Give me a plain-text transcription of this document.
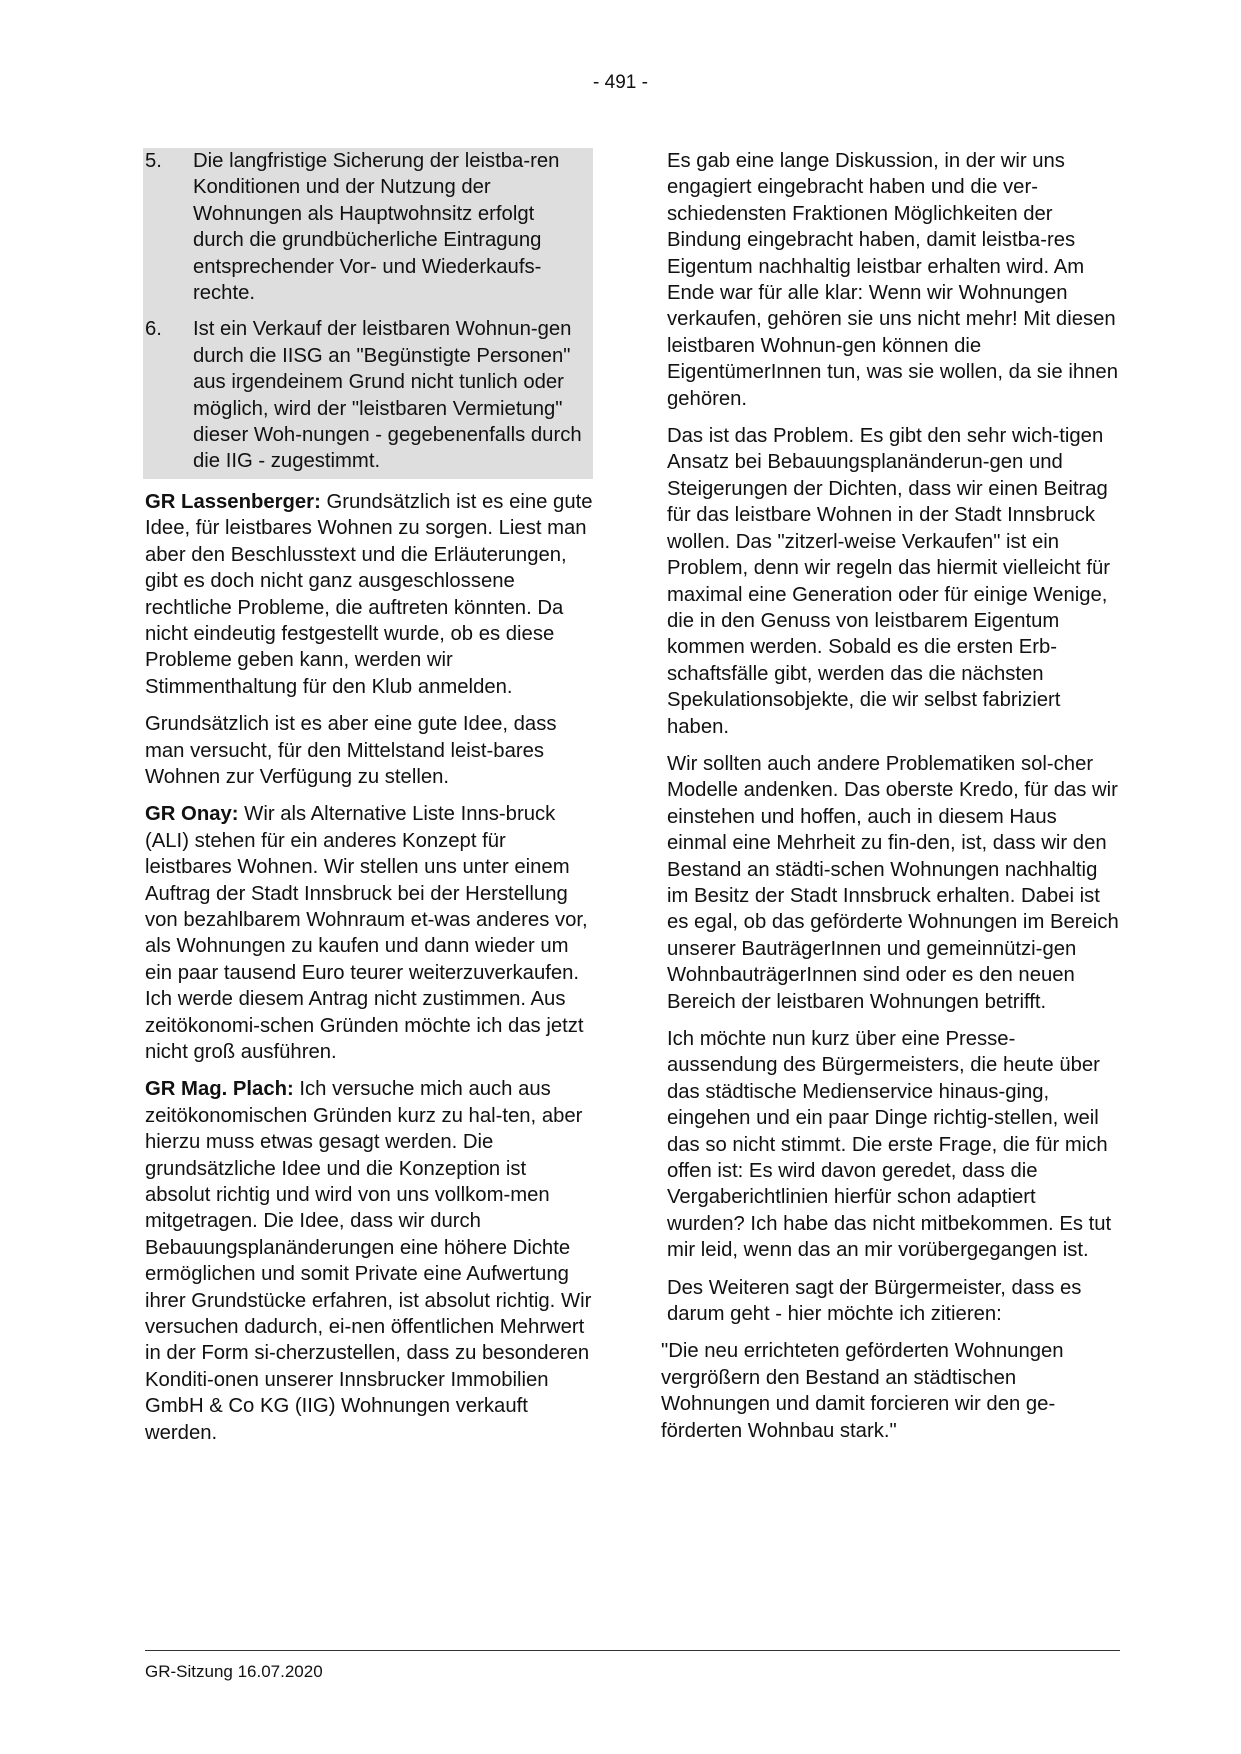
- 491 -
5.	Die langfristige Sicherung der leistba-ren Konditionen und der Nutzung der Wohnungen als Hauptwohnsitz erfolgt durch die grundbücherliche Eintragung entsprechender Vor- und Wiederkaufs-rechte.
6.	Ist ein Verkauf der leistbaren Wohnun-gen durch die IISG an "Begünstigte Personen" aus irgendeinem Grund nicht tunlich oder möglich, wird der "leistbaren Vermietung" dieser Woh-nungen - gegebenenfalls durch die IIG - zugestimmt.

GR Lassenberger: Grundsätzlich ist es eine gute Idee, für leistbares Wohnen zu sorgen. Liest man aber den Beschlusstext und die Erläuterungen, gibt es doch nicht ganz ausgeschlossene rechtliche Probleme, die auftreten könnten. Da nicht eindeutig festgestellt wurde, ob es diese Probleme geben kann, werden wir Stimmenthaltung für den Klub anmelden.

Grundsätzlich ist es aber eine gute Idee, dass man versucht, für den Mittelstand leist-bares Wohnen zur Verfügung zu stellen.

GR Onay: Wir als Alternative Liste Inns-bruck (ALI) stehen für ein anderes Konzept für leistbares Wohnen. Wir stellen uns unter einem Auftrag der Stadt Innsbruck bei der Herstellung von bezahlbarem Wohnraum et-was anderes vor, als Wohnungen zu kaufen und dann wieder um ein paar tausend Euro teurer weiterzuverkaufen. Ich werde diesem Antrag nicht zustimmen. Aus zeitökonomi-schen Gründen möchte ich das jetzt nicht groß ausführen.

GR Mag. Plach: Ich versuche mich auch aus zeitökonomischen Gründen kurz zu hal-ten, aber hierzu muss etwas gesagt werden. Die grundsätzliche Idee und die Konzeption ist absolut richtig und wird von uns vollkom-men mitgetragen. Die Idee, dass wir durch Bebauungsplanänderungen eine höhere Dichte ermöglichen und somit Private eine Aufwertung ihrer Grundstücke erfahren, ist absolut richtig. Wir versuchen dadurch, ei-nen öffentlichen Mehrwert in der Form si-cherzustellen, dass zu besonderen Konditi-onen unserer Innsbrucker Immobilien GmbH & Co KG (IIG) Wohnungen verkauft werden.

Es gab eine lange Diskussion, in der wir uns engagiert eingebracht haben und die ver-schiedensten Fraktionen Möglichkeiten der Bindung eingebracht haben, damit leistba-res Eigentum nachhaltig leistbar erhalten wird. Am Ende war für alle klar: Wenn wir Wohnungen verkaufen, gehören sie uns nicht mehr! Mit diesen leistbaren Wohnun-gen können die EigentümerInnen tun, was sie wollen, da sie ihnen gehören.

Das ist das Problem. Es gibt den sehr wich-tigen Ansatz bei Bebauungsplanänderun-gen und Steigerungen der Dichten, dass wir einen Beitrag für das leistbare Wohnen in der Stadt Innsbruck wollen. Das "zitzerl-weise Verkaufen" ist ein Problem, denn wir regeln das hiermit vielleicht für maximal eine Generation oder für einige Wenige, die in den Genuss von leistbarem Eigentum kommen werden. Sobald es die ersten Erb-schaftsfälle gibt, werden das die nächsten Spekulationsobjekte, die wir selbst fabriziert haben.

Wir sollten auch andere Problematiken sol-cher Modelle andenken. Das oberste Kredo, für das wir einstehen und hoffen, auch in diesem Haus einmal eine Mehrheit zu fin-den, ist, dass wir den Bestand an städti-schen Wohnungen nachhaltig im Besitz der Stadt Innsbruck erhalten. Dabei ist es egal, ob das geförderte Wohnungen im Bereich unserer BauträgerInnen und gemeinnützi-gen WohnbauträgerInnen sind oder es den neuen Bereich der leistbaren Wohnungen betrifft.

Ich möchte nun kurz über eine Presse-aussendung des Bürgermeisters, die heute über das städtische Medienservice hinaus-ging, eingehen und ein paar Dinge richtig-stellen, weil das so nicht stimmt. Die erste Frage, die für mich offen ist: Es wird davon geredet, dass die Vergaberichtlinien hierfür schon adaptiert wurden? Ich habe das nicht mitbekommen. Es tut mir leid, wenn das an mir vorübergegangen ist.

Des Weiteren sagt der Bürgermeister, dass es darum geht - hier möchte ich zitieren:

"Die neu errichteten geförderten Wohnungen vergrößern den Bestand an städtischen Wohnungen und damit forcieren wir den ge-förderten Wohnbau stark."

GR-Sitzung 16.07.2020
